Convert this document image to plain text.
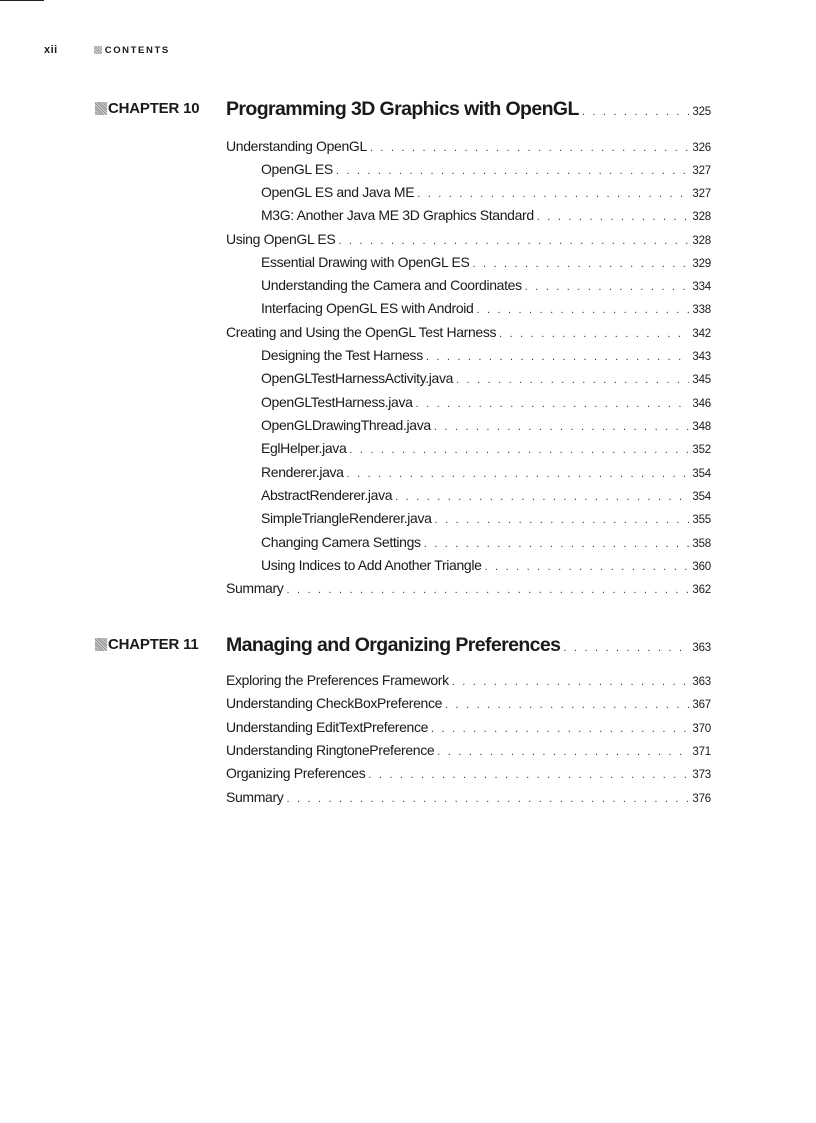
xii	CONTENTS
CHAPTER 10 Programming 3D Graphics with OpenGL . . .	325
Understanding OpenGL . . .	326
OpenGL ES . . .	327
OpenGL ES and Java ME . . .	327
M3G: Another Java ME 3D Graphics Standard . . .	328
Using OpenGL ES . . .	328
Essential Drawing with OpenGL ES . . .	329
Understanding the Camera and Coordinates . . .	334
Interfacing OpenGL ES with Android . . .	338
Creating and Using the OpenGL Test Harness . . .	342
Designing the Test Harness . . .	343
OpenGLTestHarnessActivity.java . . .	345
OpenGLTestHarness.java . . .	346
OpenGLDrawingThread.java . . .	348
EglHelper.java . . .	352
Renderer.java . . .	354
AbstractRenderer.java . . .	354
SimpleTriangleRenderer.java . . .	355
Changing Camera Settings . . .	358
Using Indices to Add Another Triangle . . .	360
Summary . . .	362
CHAPTER 11 Managing and Organizing Preferences . . .	363
Exploring the Preferences Framework . . .	363
Understanding CheckBoxPreference . . .	367
Understanding EditTextPreference . . .	370
Understanding RingtonePreference . . .	371
Organizing Preferences . . .	373
Summary . . .	376
